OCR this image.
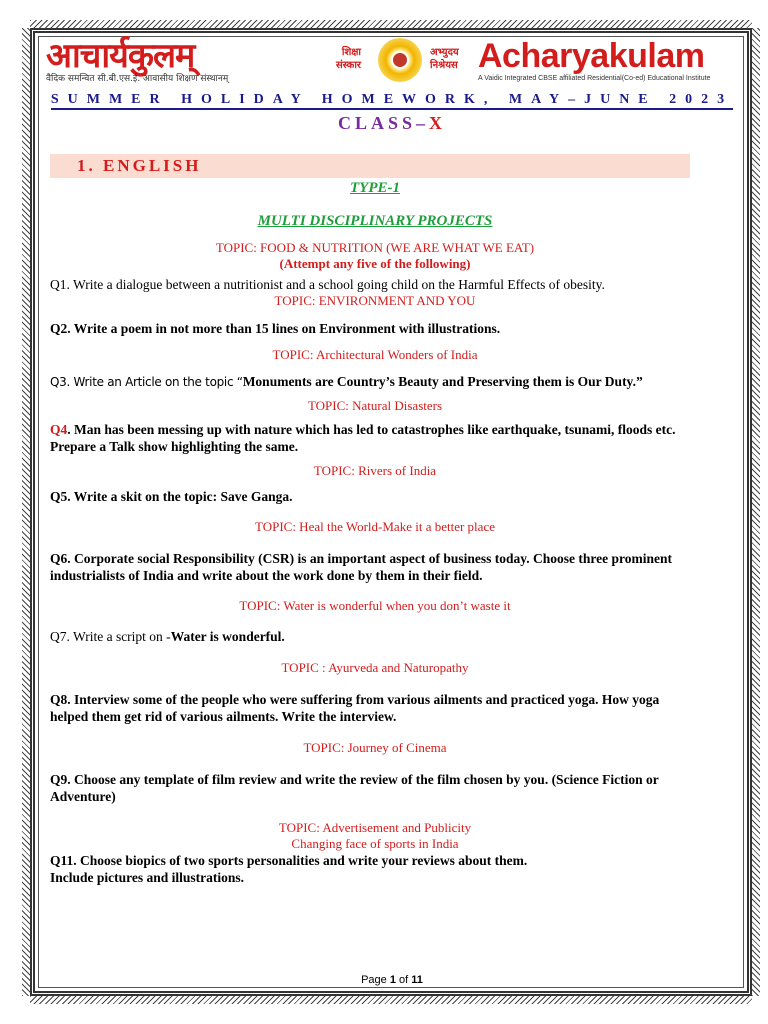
आचार्यकुलम्
वैदिक समन्वित सी.बी.एस.ई. आवासीय शिक्षण संस्थानम्
शिक्षा
संस्कार
अभ्युदय
निश्रेयस Acharyakulam
A Vaidic Integrated CBSE affiliated Residential(Co-ed) Educational Institute
SUMMER HOLIDAY HOMEWORK, MAY–JUNE 2023
CLASS–X
1. ENGLISH
TYPE-1
MULTI DISCIPLINARY PROJECTS
TOPIC: FOOD & NUTRITION (WE ARE WHAT WE EAT)
(Attempt any five of the following)
Q1. Write a dialogue between a nutritionist and a school going child on the Harmful Effects of obesity.
TOPIC: ENVIRONMENT AND YOU
Q2. Write a poem in not more than 15 lines on Environment with illustrations.
TOPIC: Architectural Wonders of India
Q3. Write an Article on the topic “Monuments are Country’s Beauty and Preserving them is Our Duty.”
TOPIC: Natural Disasters
Q4. Man has been messing up with nature which has led to catastrophes like earthquake, tsunami, floods etc. Prepare a Talk show highlighting the same.
TOPIC: Rivers of India
Q5. Write a skit on the topic: Save Ganga.
TOPIC: Heal the World-Make it a better place
Q6. Corporate social Responsibility (CSR) is an important aspect of business today. Choose three prominent industrialists of India and write about the work done by them in their field.
TOPIC: Water is wonderful when you don’t waste it
Q7. Write a script on -Water is wonderful.
TOPIC : Ayurveda and Naturopathy
Q8. Interview some of the people who were suffering from various ailments and practiced yoga. How yoga helped them get rid of various ailments. Write the interview.
TOPIC: Journey of Cinema
Q9. Choose any template of film review and write the review of the film chosen by you. (Science Fiction or Adventure)
TOPIC: Advertisement and Publicity
Changing face of sports in India
Q11. Choose biopics of two sports personalities and write your reviews about them. Include pictures and illustrations.
Page 1 of 11
